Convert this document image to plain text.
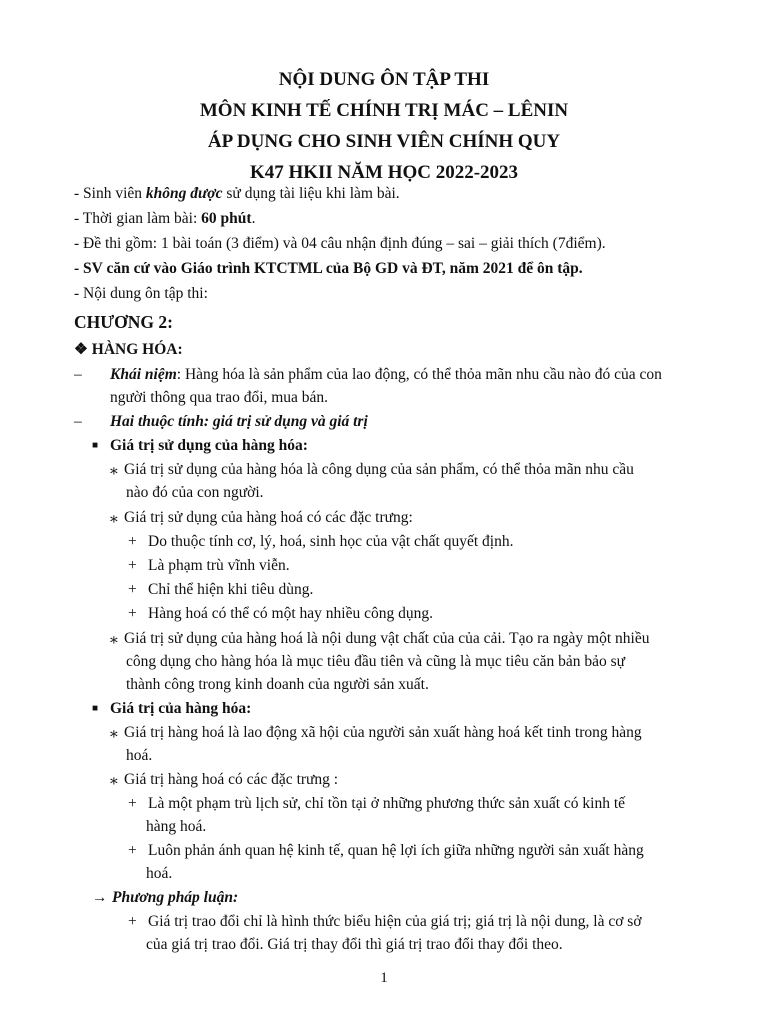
NỘI DUNG ÔN TẬP THI
MÔN KINH TẾ CHÍNH TRỊ MÁC – LÊNIN
ÁP DỤNG CHO SINH VIÊN CHÍNH QUY
K47 HKII NĂM HỌC 2022-2023
- Sinh viên không được sử dụng tài liệu khi làm bài.
- Thời gian làm bài: 60 phút.
- Đề thi gồm: 1 bài toán (3 điểm) và 04 câu nhận định đúng – sai – giải thích (7điểm).
- SV căn cứ vào Giáo trình KTCTML của Bộ GD và ĐT, năm 2021 để ôn tập.
- Nội dung ôn tập thi:
CHƯƠNG 2:
❖ HÀNG HÓA:
– Khái niệm: Hàng hóa là sản phẩm của lao động, có thể thỏa mãn nhu cầu nào đó của con
người thông qua trao đổi, mua bán.
– Hai thuộc tính: giá trị sử dụng và giá trị
■ Giá trị sử dụng của hàng hóa:
⁎ Giá trị sử dụng của hàng hóa là công dụng của sản phẩm, có thể thỏa mãn nhu cầu
nào đó của con người.
⁎ Giá trị sử dụng của hàng hoá có các đặc trưng:
+ Do thuộc tính cơ, lý, hoá, sinh học của vật chất quyết định.
+ Là phạm trù vĩnh viễn.
+ Chỉ thể hiện khi tiêu dùng.
+ Hàng hoá có thể có một hay nhiều công dụng.
⁎ Giá trị sử dụng của hàng hoá là nội dung vật chất của của cải. Tạo ra ngày một nhiều
công dụng cho hàng hóa là mục tiêu đầu tiên và cũng là mục tiêu căn bản bảo sự
thành công trong kinh doanh của người sản xuất.
■ Giá trị của hàng hóa:
⁎ Giá trị hàng hoá là lao động xã hội của người sản xuất hàng hoá kết tinh trong hàng
hoá.
⁎ Giá trị hàng hoá có các đặc trưng :
+ Là một phạm trù lịch sử, chỉ tồn tại ở những phương thức sản xuất có kinh tế
hàng hoá.
+ Luôn phản ánh quan hệ kinh tế, quan hệ lợi ích giữa những người sản xuất hàng
hoá.
→ Phương pháp luận:
+ Giá trị trao đổi chỉ là hình thức biểu hiện của giá trị; giá trị là nội dung, là cơ sở
của giá trị trao đổi. Giá trị thay đổi thì giá trị trao đổi thay đổi theo.
1
